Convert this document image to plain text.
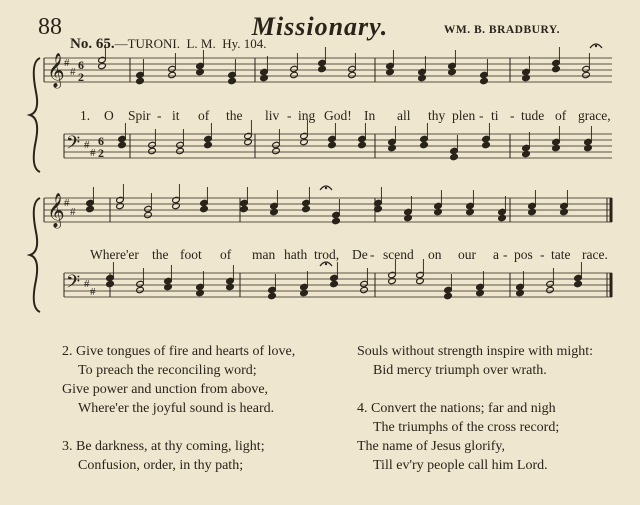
88	Missionary.	WM. B. BRADBURY.
No. 65.—TURONI. L. M. Hy. 104.
𝄞 #
# 6
2
𝄢 #
#
6
2
𝄞 #
#
𝄢 #
#
1. O Spir - it of the liv - ing God! In all thy plen - ti - tude of grace,
Where'er the foot of man hath trod, De - scend on our a - pos - tate race.
2. Give tongues of fire and hearts of love,
To preach the reconciling word;
Give power and unction from above,
Where'er the joyful sound is heard.

3. Be darkness, at thy coming, light;
Confusion, order, in thy path;
Souls without strength inspire with might:
Bid mercy triumph over wrath.

4. Convert the nations; far and nigh
The triumphs of the cross record;
The name of Jesus glorify,
Till ev'ry people call him Lord.
